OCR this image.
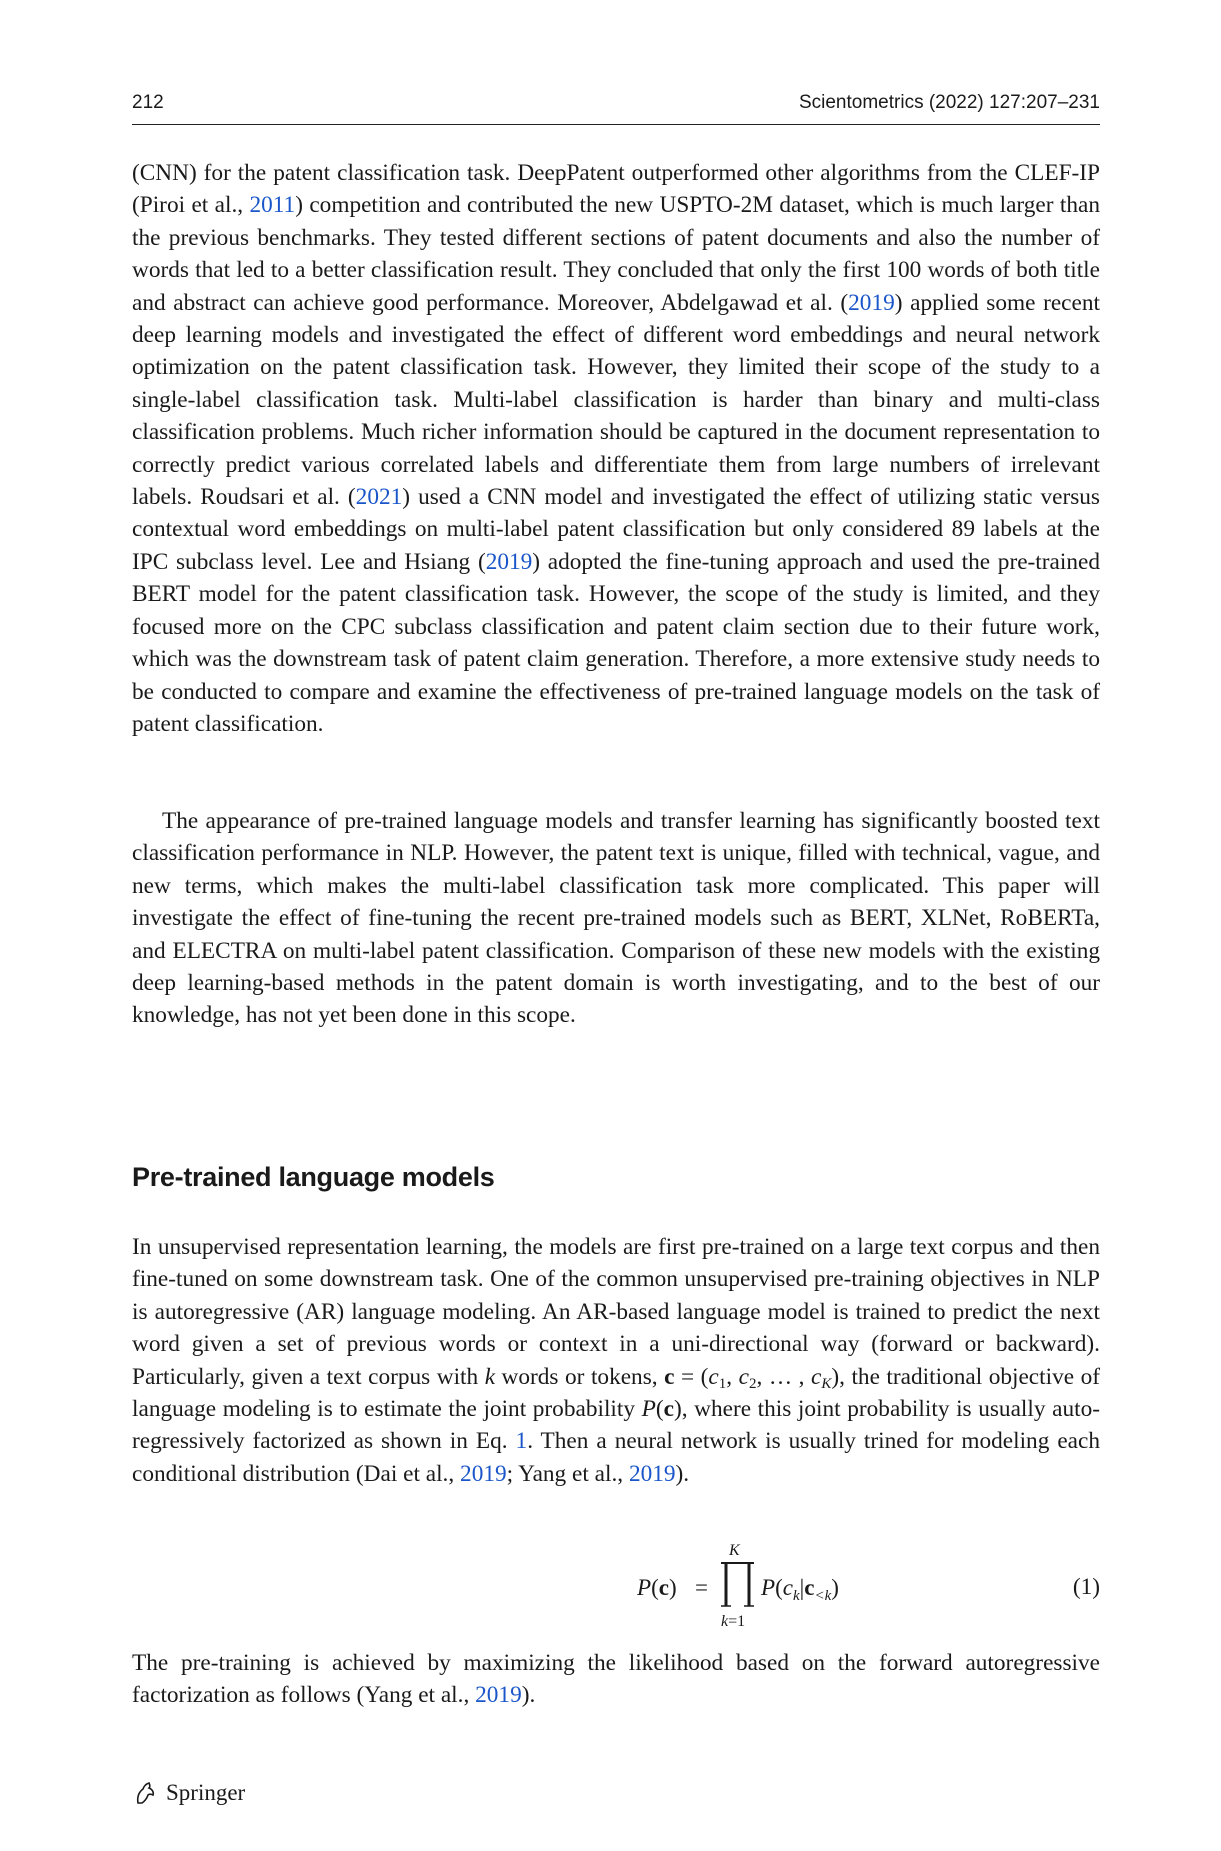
212	Scientometrics (2022) 127:207–231

(CNN) for the patent classification task. DeepPatent outperformed other algorithms from the CLEF-IP (Piroi et al., 2011) competition and contributed the new USPTO-2M dataset, which is much larger than the previous benchmarks. They tested different sections of patent documents and also the number of words that led to a better classification result. They concluded that only the first 100 words of both title and abstract can achieve good performance. Moreover, Abdelgawad et al. (2019) applied some recent deep learning models and investigated the effect of different word embeddings and neural network optimization on the patent classification task. However, they limited their scope of the study to a single-label classification task. Multi-label classification is harder than binary and multi-class classification problems. Much richer information should be captured in the document representation to correctly predict various correlated labels and differentiate them from large numbers of irrelevant labels. Roudsari et al. (2021) used a CNN model and investigated the effect of utilizing static versus contextual word embeddings on multi-label patent classification but only considered 89 labels at the IPC subclass level. Lee and Hsiang (2019) adopted the fine-tuning approach and used the pre-trained BERT model for the patent classification task. However, the scope of the study is limited, and they focused more on the CPC subclass classification and patent claim section due to their future work, which was the downstream task of patent claim generation. Therefore, a more extensive study needs to be conducted to compare and examine the effectiveness of pre-trained language models on the task of patent classification.

The appearance of pre-trained language models and transfer learning has significantly boosted text classification performance in NLP. However, the patent text is unique, filled with technical, vague, and new terms, which makes the multi-label classification task more complicated. This paper will investigate the effect of fine-tuning the recent pre-trained models such as BERT, XLNet, RoBERTa, and ELECTRA on multi-label patent classification. Comparison of these new models with the existing deep learning-based methods in the patent domain is worth investigating, and to the best of our knowledge, has not yet been done in this scope.

Pre-trained language models

In unsupervised representation learning, the models are first pre-trained on a large text corpus and then fine-tuned on some downstream task. One of the common unsupervised pre-training objectives in NLP is autoregressive (AR) language modeling. An AR-based language model is trained to predict the next word given a set of previous words or context in a uni-directional way (forward or backward). Particularly, given a text corpus with k words or tokens, $c = (c_1$, $c_2$, … , $c_K$), the traditional objective of language modeling is to estimate the joint probability P(c), where this joint probability is usually auto-regressively factorized as shown in Eq. 1. Then a neural network is usually trined for modeling each conditional distribution (Dai et al., 2019; Yang et al., 2019).

P(c) =
K
k=1
$P(c_k|c_{<k})$	(1)

The pre-training is achieved by maximizing the likelihood based on the forward autoregressive factorization as follows (Yang et al., 2019).

Springer
